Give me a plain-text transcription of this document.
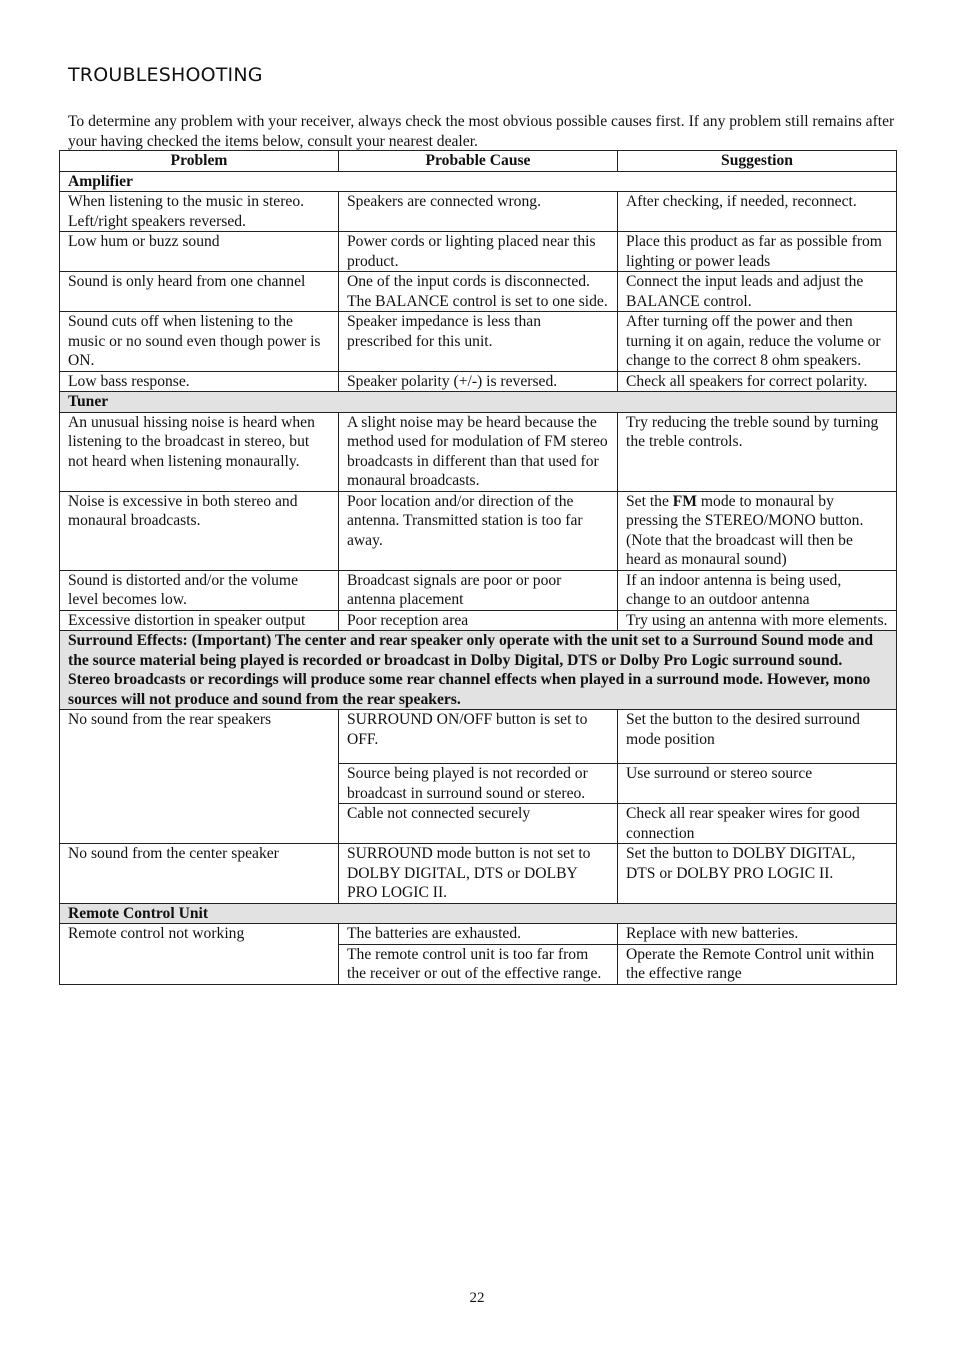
TROUBLESHOOTING
To determine any problem with your receiver, always check the most obvious possible causes first. If any problem still remains after your having checked the items below, consult your nearest dealer.
Problem	Probable Cause	Suggestion
Amplifier		
When listening to the music in stereo. Left/right speakers reversed.	Speakers are connected wrong.	After checking, if needed, reconnect.
Low hum or buzz sound	Power cords or lighting placed near this product.	Place this product as far as possible from lighting or power leads
Sound is only heard from one channel	One of the input cords is disconnected. The BALANCE control is set to one side.	Connect the input leads and adjust the BALANCE control.
Sound cuts off when listening to the music or no sound even though power is ON.	Speaker impedance is less than prescribed for this unit.	After turning off the power and then turning it on again, reduce the volume or change to the correct 8 ohm speakers.
Low bass response.	Speaker polarity (+/-) is reversed.	Check all speakers for correct polarity.
Tuner		
An unusual hissing noise is heard when listening to the broadcast in stereo, but not heard when listening monaurally.	A slight noise may be heard because the method used for modulation of FM stereo broadcasts in different than that used for monaural broadcasts.	Try reducing the treble sound by turning the treble controls.
Noise is excessive in both stereo and monaural broadcasts.	Poor location and/or direction of the antenna. Transmitted station is too far away.	Set the FM mode to monaural by pressing the STEREO/MONO button. (Note that the broadcast will then be heard as monaural sound)
Sound is distorted and/or the volume level becomes low.	Broadcast signals are poor or poor antenna placement	If an indoor antenna is being used, change to an outdoor antenna
Excessive distortion in speaker output	Poor reception area	Try using an antenna with more elements.
Surround Effects: (Important) The center and rear speaker only operate with the unit set to a Surround Sound mode and the source material being played is recorded or broadcast in Dolby Digital, DTS or Dolby Pro Logic surround sound. Stereo broadcasts or recordings will produce some rear channel effects when played in a surround mode. However, mono sources will not produce and sound from the rear speakers.		
No sound from the rear speakers	SURROUND ON/OFF button is set to OFF.	Set the button to the desired surround mode position
	Source being played is not recorded or broadcast in surround sound or stereo.	Use surround or stereo source
	Cable not connected securely	Check all rear speaker wires for good connection
No sound from the center speaker	SURROUND mode button is not set to DOLBY DIGITAL, DTS or DOLBY PRO LOGIC II.	Set the button to DOLBY DIGITAL, DTS or DOLBY PRO LOGIC II.
Remote Control Unit		
Remote control not working	The batteries are exhausted.	Replace with new batteries.
	The remote control unit is too far from the receiver or out of the effective range.	Operate the Remote Control unit within the effective range
22
